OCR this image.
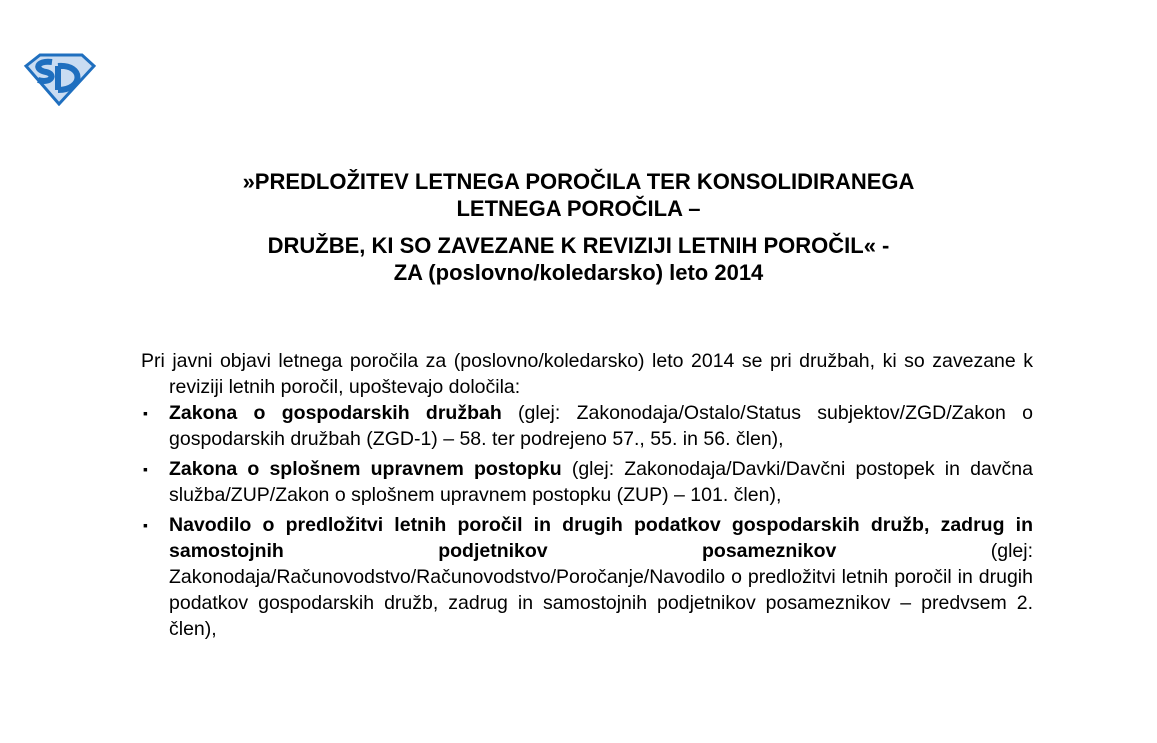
»PREDLOŽITEV LETNEGA POROČILA TER KONSOLIDIRANEGA
LETNEGA POROČILA –
DRUŽBE, KI SO ZAVEZANE K REVIZIJI LETNIH POROČIL« -
ZA (poslovno/koledarsko) leto 2014

Pri javni objavi letnega poročila za (poslovno/koledarsko) leto 2014 se pri družbah, ki so zavezane k reviziji letnih poročil, upoštevajo določila:

▪ Zakona o gospodarskih družbah (glej: Zakonodaja/Ostalo/Status subjektov/ZGD/Zakon o gospodarskih družbah (ZGD-1) – 58. ter podrejeno 57., 55. in 56. člen),
▪ Zakona o splošnem upravnem postopku (glej: Zakonodaja/Davki/Davčni postopek in davčna služba/ZUP/Zakon o splošnem upravnem postopku (ZUP) – 101. člen),
▪ Navodilo o predložitvi letnih poročil in drugih podatkov gospodarskih družb, zadrug in samostojnih podjetnikov posameznikov (glej: Zakonodaja/Računovodstvo/Računovodstvo/Poročanje/Navodilo o predložitvi letnih poročil in drugih podatkov gospodarskih družb, zadrug in samostojnih podjetnikov posameznikov – predvsem 2. člen),
